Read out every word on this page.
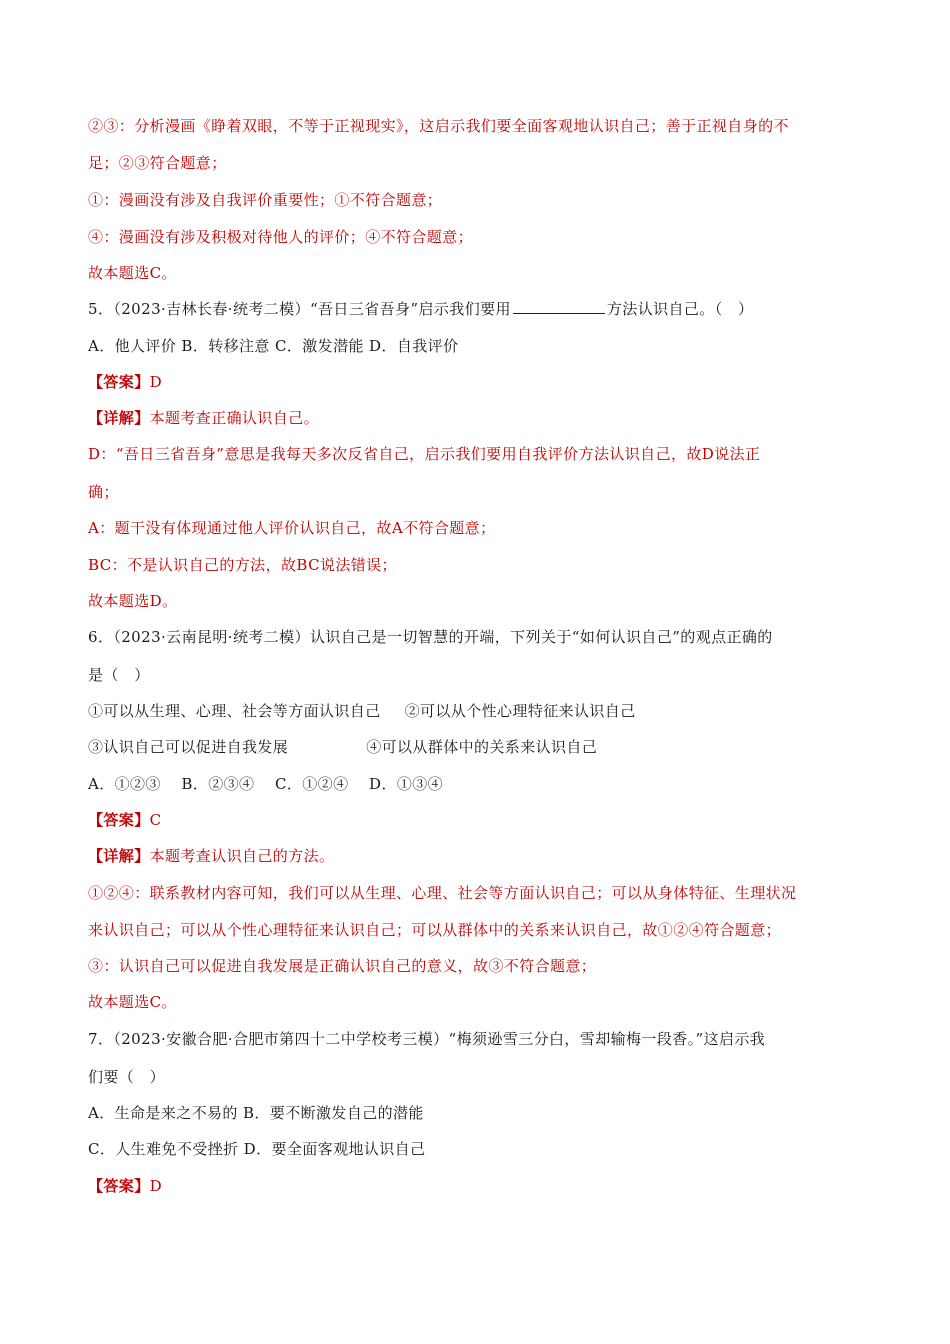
②③：分析漫画《睁着双眼，不等于正视现实》，这启示我们要全面客观地认识自己；善于正视自身的不
足；②③符合题意；
①：漫画没有涉及自我评价重要性；①不符合题意；
④：漫画没有涉及积极对待他人的评价；④不符合题意；
故本题选C。
5．（2023·吉林长春·统考二模）“吾日三省吾身”启示我们要用	方法认识自己。（　）
A．他人评价 B．转移注意 C．激发潜能 D．自我评价
【答案】D
【详解】本题考查正确认识自己。
D：“吾日三省吾身”意思是我每天多次反省自己，启示我们要用自我评价方法认识自己，故D说法正
确；
A：题干没有体现通过他人评价认识自己，故A不符合题意；
BC：不是认识自己的方法，故BC说法错误；
故本题选D。
6．（2023·云南昆明·统考二模）认识自己是一切智慧的开端，下列关于“如何认识自己”的观点正确的
是（　）
①可以从生理、心理、社会等方面认识自己 ②可以从个性心理特征来认识自己
③认识自己可以促进自我发展	④可以从群体中的关系来认识自己
A．①②③　 B．②③④　 C．①②④　 D．①③④
【答案】C
【详解】本题考查认识自己的方法。
①②④：联系教材内容可知，我们可以从生理、心理、社会等方面认识自己；可以从身体特征、生理状况
来认识自己；可以从个性心理特征来认识自己；可以从群体中的关系来认识自己，故①②④符合题意；
③：认识自己可以促进自我发展是正确认识自己的意义，故③不符合题意；
故本题选C。
7．（2023·安徽合肥·合肥市第四十二中学校考三模）“梅须逊雪三分白，雪却输梅一段香。”这启示我
们要（　）
A．生命是来之不易的 B．要不断激发自己的潜能
C．人生难免不受挫折 D．要全面客观地认识自己
【答案】D
